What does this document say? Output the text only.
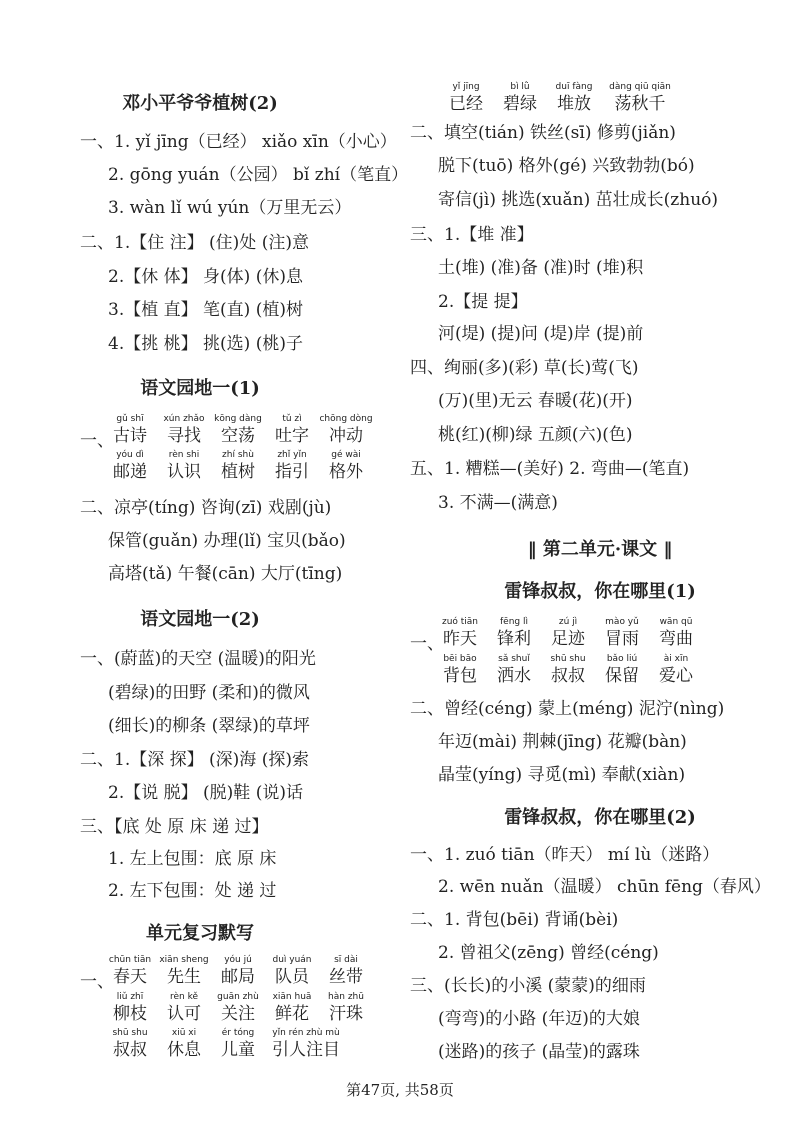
邓小平爷爷植树(2)
一、1. yǐ jīng（已经） xiǎo xīn（小心）
2. gōng yuán（公园） bǐ zhí（笔直）
3. wàn lǐ wú yún（万里无云）
二、1.【住 注】 (住)处 (注)意
2.【休 体】 身(体) (休)息
3.【植 直】 笔(直) (植)树
4.【挑 桃】 挑(选) (桃)子
语文园地一(1)
一、
gǔ shī
古诗
xún zhǎo
寻找
kōng dàng
空荡
tǔ zì
吐字
chōng dòng
冲动
yóu dì
邮递
rèn shi
认识
zhí shù
植树
zhǐ yǐn
指引
gé wài
格外
二、凉亭(tíng) 咨询(zī) 戏剧(jù)
保管(guǎn) 办理(lǐ) 宝贝(bǎo)
高塔(tǎ) 午餐(cān) 大厅(tīng)
语文园地一(2)
一、(蔚蓝)的天空 (温暖)的阳光
(碧绿)的田野 (柔和)的微风
(细长)的柳条 (翠绿)的草坪
二、1.【深 探】 (深)海 (探)索
2.【说 脱】 (脱)鞋 (说)话
三、【底 处 原 床 递 过】
1. 左上包围：底 原 床
2. 左下包围：处 递 过
单元复习默写
一、
chūn tiān
春天
xiān sheng
先生
yóu jú
邮局
duì yuán
队员
sī dài
丝带
liǔ zhī
柳枝
rèn kě
认可
guān zhù
关注
xiān huā
鲜花
hàn zhū
汗珠
shū shu
叔叔
xiū xi
休息
ér tóng
儿童
yǐn rén zhù mù
引人注目
yǐ jīng
已经
bì lǜ
碧绿
duī fàng
堆放
dàng qiū qiān
荡秋千
二、填空(tián) 铁丝(sī) 修剪(jiǎn)
脱下(tuō) 格外(gé) 兴致勃勃(bó)
寄信(jì) 挑选(xuǎn) 茁壮成长(zhuó)
三、1.【堆 准】
土(堆) (准)备 (准)时 (堆)积
2.【提 提】
河(堤) (提)问 (堤)岸 (提)前
四、绚丽(多)(彩) 草(长)莺(飞)
(万)(里)无云 春暖(花)(开)
桃(红)(柳)绿 五颜(六)(色)
五、1. 糟糕—(美好) 2. 弯曲—(笔直)
3. 不满—(满意)
‖ 第二单元·课文 ‖
雷锋叔叔，你在哪里(1)
一、
zuó tiān
昨天
fēng lì
锋利
zú jì
足迹
mào yǔ
冒雨
wān qū
弯曲
bēi bāo
背包
sǎ shuǐ
洒水
shū shu
叔叔
bǎo liú
保留
ài xīn
爱心
二、曾经(céng) 蒙上(méng) 泥泞(nìng)
年迈(mài) 荆棘(jīng) 花瓣(bàn)
晶莹(yíng) 寻觅(mì) 奉献(xiàn)
雷锋叔叔，你在哪里(2)
一、1. zuó tiān（昨天） mí lù（迷路）
2. wēn nuǎn（温暖） chūn fēng（春风）
二、1. 背包(bēi) 背诵(bèi)
2. 曾祖父(zēng) 曾经(céng)
三、(长长)的小溪 (蒙蒙)的细雨
(弯弯)的小路 (年迈)的大娘
(迷路)的孩子 (晶莹)的露珠
第47页, 共58页
